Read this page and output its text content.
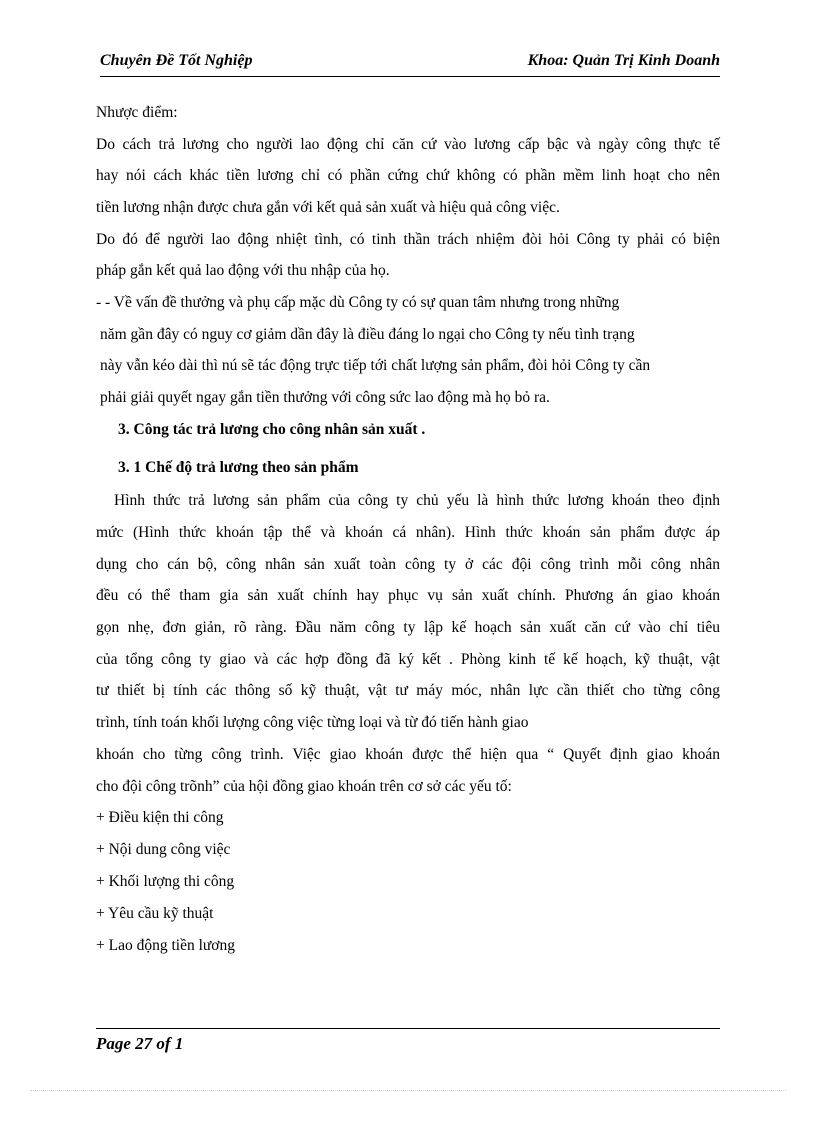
Chuyên Đề Tốt Nghiệp	Khoa: Quản Trị Kinh Doanh
Nhược điểm:
Do cách trả lương cho người lao động chỉ căn cứ vào lương cấp bậc và ngày công thực tế
hay nói cách khác tiền lương chỉ có phần cứng chứ không có phần mềm linh hoạt cho nên
tiền lương nhận được chưa gắn với kết quả sản xuất và hiệu quả công việc.
Do đó để người lao động nhiệt tình, có tinh thần trách nhiệm đòi hỏi Công ty phải có biện
pháp gắn kết quả lao động với thu nhập của họ.
- - Về vấn đề thưởng và phụ cấp mặc dù Công ty có sự quan tâm nhưng trong những
năm gần đây có nguy cơ giảm dần đây là điều đáng lo ngại cho Công ty nếu tình trạng
này vẫn kéo dài thì nú sẽ tác động trực tiếp tới chất lượng sản phẩm, đòi hỏi Công ty cần
phải giải quyết ngay gắn tiền thưởng với công sức lao động mà họ bỏ ra.
3. Công tác trả lương cho công nhân sản xuất .
3. 1 Chế độ trả lương theo sản phẩm
Hình thức trả lương sản phẩm của công ty chủ yếu là hình thức lương khoán theo định
mức (Hình thức khoán tập thể và khoán cá nhân). Hình thức khoán sản phẩm được áp
dụng cho cán bộ, công nhân sản xuất toàn công ty ở các đội công trình mỗi công nhân
đều có thể tham gia sản xuất chính hay phục vụ sản xuất chính. Phương án giao khoán
gọn nhẹ, đơn giản, rõ ràng. Đầu năm công ty lập kế hoạch sản xuất căn cứ vào chỉ tiêu
của tổng công ty giao và các hợp đồng đã ký kết . Phòng kinh tế kế hoạch, kỹ thuật, vật
tư thiết bị tính các thông số kỹ thuật, vật tư máy móc, nhân lực cần thiết cho từng công
trình, tính toán khối lượng công việc từng loại và từ đó tiến hành giao
khoán cho từng công trình. Việc giao khoán được thể hiện qua “ Quyết định giao khoán
cho đội công trõnh” của hội đồng giao khoán trên cơ sở các yếu tố:
+ Điều kiện thi công
+ Nội dung công việc
+ Khối lượng thi công
+ Yêu cầu kỹ thuật
+ Lao động tiền lương
Page 27 of 1
